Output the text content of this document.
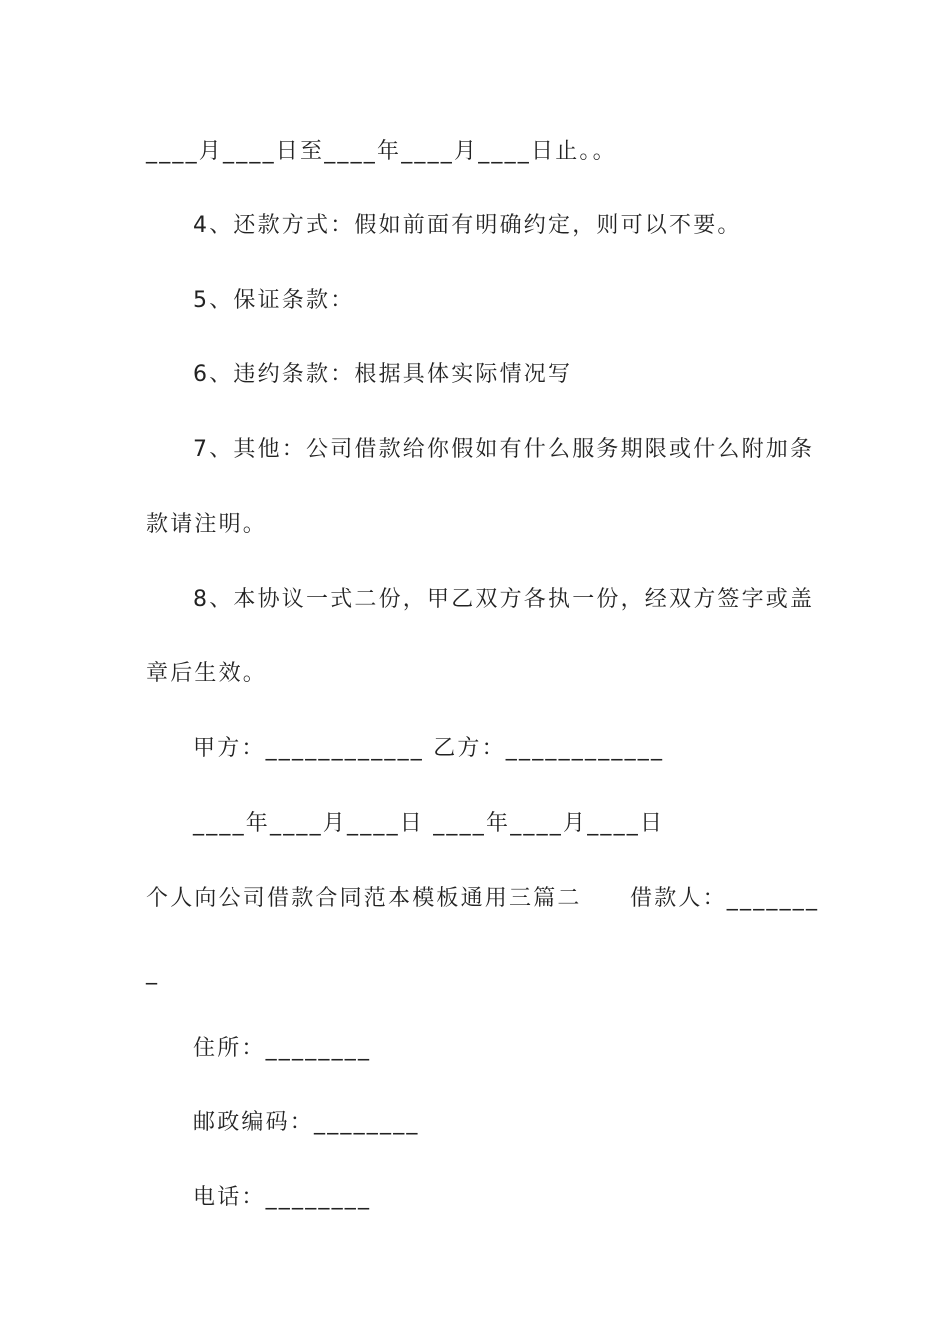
____月____日至____年____月____日止。。
4、还款方式：假如前面有明确约定，则可以不要。
5、保证条款：
6、违约条款：根据具体实际情况写
7、其他：公司借款给你假如有什么服务期限或什么附加条
款请注明。
8、本协议一式二份，甲乙双方各执一份，经双方签字或盖
章后生效。
甲方：____________ 乙方：____________
____年____月____日 ____年____月____日
个人向公司借款合同范本模板通用三篇二　　借款人：_______
_
住所：________
邮政编码：________
电话：________
